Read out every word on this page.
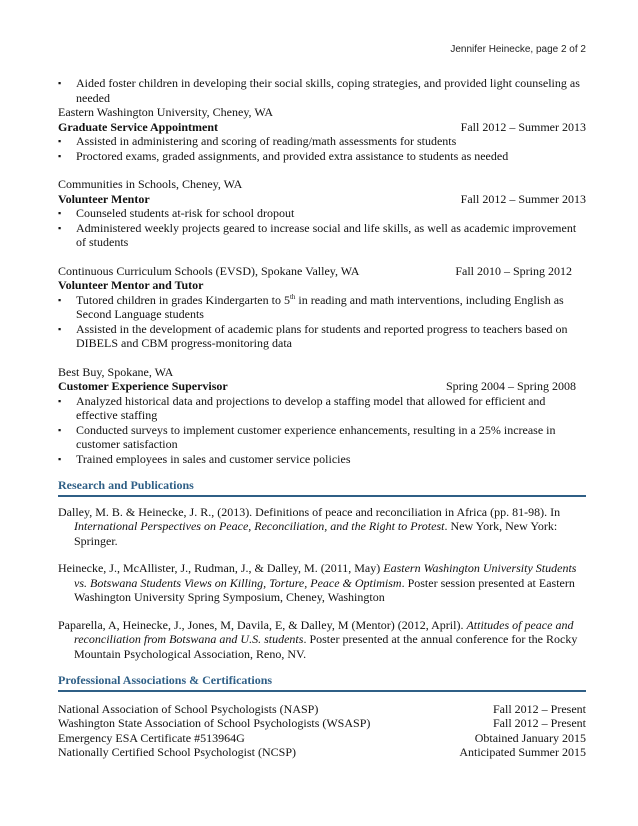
Jennifer Heinecke, page 2 of 2
▪ Aided foster children in developing their social skills, coping strategies, and provided light counseling as needed
Eastern Washington University, Cheney, WA
Graduate Service Appointment	Fall 2012 – Summer 2013
▪ Assisted in administering and scoring of reading/math assessments for students
▪ Proctored exams, graded assignments, and provided extra assistance to students as needed
Communities in Schools, Cheney, WA
Volunteer Mentor	Fall 2012 – Summer 2013
▪ Counseled students at-risk for school dropout
▪ Administered weekly projects geared to increase social and life skills, as well as academic improvement of students
Continuous Curriculum Schools (EVSD), Spokane Valley, WA	Fall 2010 – Spring 2012
Volunteer Mentor and Tutor
▪ Tutored children in grades Kindergarten to 5th in reading and math interventions, including English as Second Language students
▪ Assisted in the development of academic plans for students and reported progress to teachers based on DIBELS and CBM progress-monitoring data
Best Buy, Spokane, WA
Customer Experience Supervisor	Spring 2004 – Spring 2008
▪ Analyzed historical data and projections to develop a staffing model that allowed for efficient and effective staffing
▪ Conducted surveys to implement customer experience enhancements, resulting in a 25% increase in customer satisfaction
▪ Trained employees in sales and customer service policies
Research and Publications
Dalley, M. B. & Heinecke, J. R., (2013). Definitions of peace and reconciliation in Africa (pp. 81-98). In International Perspectives on Peace, Reconciliation, and the Right to Protest. New York, New York: Springer.
Heinecke, J., McAllister, J., Rudman, J., & Dalley, M. (2011, May) Eastern Washington University Students vs. Botswana Students Views on Killing, Torture, Peace & Optimism. Poster session presented at Eastern Washington University Spring Symposium, Cheney, Washington
Paparella, A, Heinecke, J., Jones, M, Davila, E, & Dalley, M (Mentor) (2012, April). Attitudes of peace and reconciliation from Botswana and U.S. students. Poster presented at the annual conference for the Rocky Mountain Psychological Association, Reno, NV.
Professional Associations & Certifications
National Association of School Psychologists (NASP)	Fall 2012 – Present
Washington State Association of School Psychologists (WSASP)	Fall 2012 – Present
Emergency ESA Certificate #513964G	Obtained January 2015
Nationally Certified School Psychologist (NCSP)	Anticipated Summer 2015
